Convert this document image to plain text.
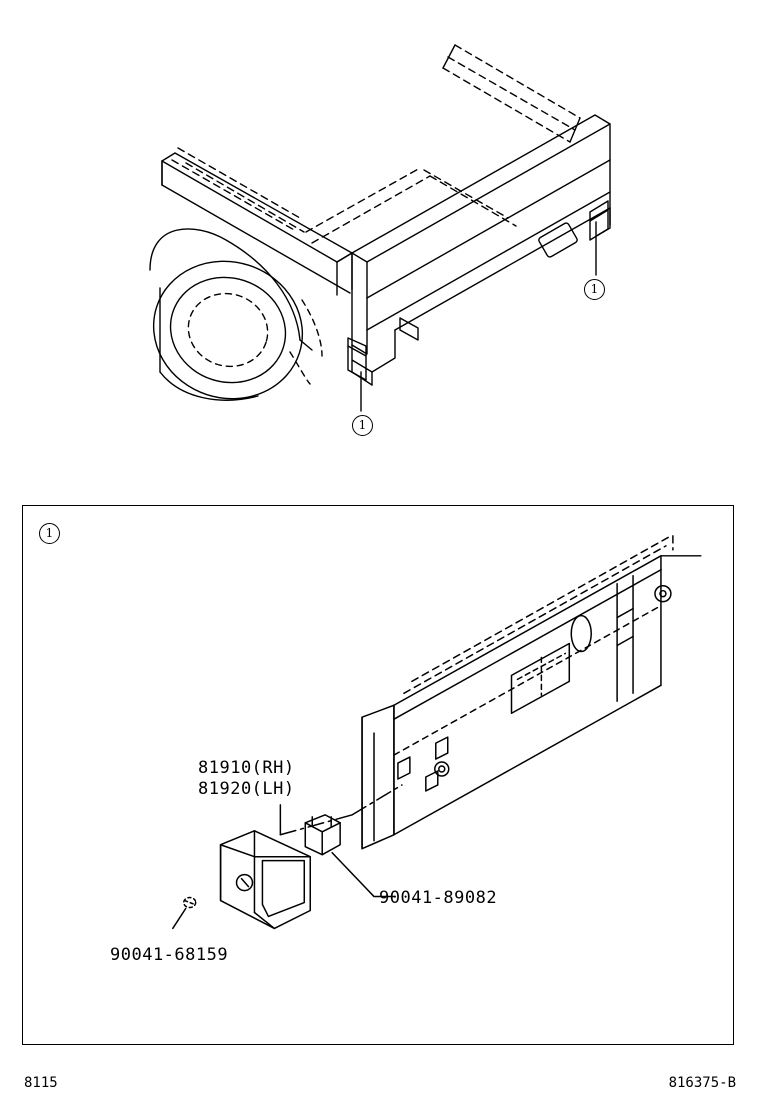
1
1
1
81910(RH)
81920(LH)
90041-89082
90041-68159
8115	816375-B
